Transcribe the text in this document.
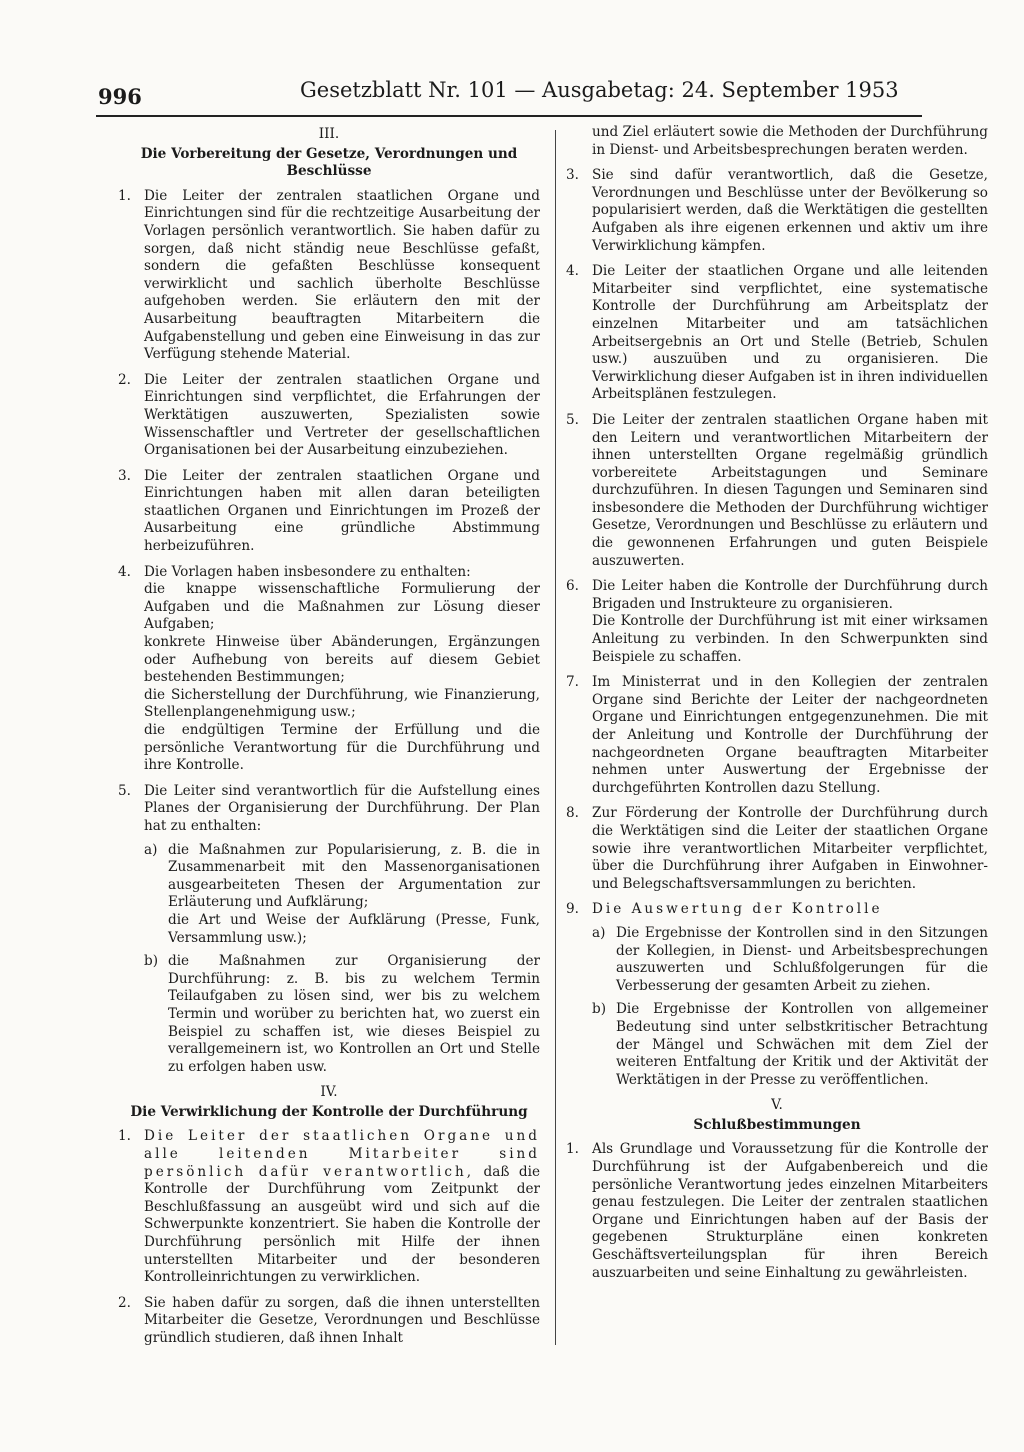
996	Gesetzblatt Nr. 101 — Ausgabetag: 24. September 1953
III.
Die Vorbereitung der Gesetze, Verordnungen und Beschlüsse
1. Die Leiter der zentralen staatlichen Organe und Einrichtungen sind für die rechtzeitige Ausarbeitung der Vorlagen persönlich verantwortlich. Sie haben dafür zu sorgen, daß nicht ständig neue Beschlüsse gefaßt, sondern die gefaßten Beschlüsse konsequent verwirklicht und sachlich überholte Beschlüsse aufgehoben werden. Sie erläutern den mit der Ausarbeitung beauftragten Mitarbeitern die Aufgabenstellung und geben eine Einweisung in das zur Verfügung stehende Material.

2. Die Leiter der zentralen staatlichen Organe und Einrichtungen sind verpflichtet, die Erfahrungen der Werktätigen auszuwerten, Spezialisten sowie Wissenschaftler und Vertreter der gesellschaftlichen Organisationen bei der Ausarbeitung einzubeziehen.

3. Die Leiter der zentralen staatlichen Organe und Einrichtungen haben mit allen daran beteiligten staatlichen Organen und Einrichtungen im Prozeß der Ausarbeitung eine gründliche Abstimmung herbeizuführen.

4. Die Vorlagen haben insbesondere zu enthalten:

die knappe wissenschaftliche Formulierung der Aufgaben und die Maßnahmen zur Lösung dieser Aufgaben;

konkrete Hinweise über Abänderungen, Ergänzungen oder Aufhebung von bereits auf diesem Gebiet bestehenden Bestimmungen;

die Sicherstellung der Durchführung, wie Finanzierung, Stellenplangenehmigung usw.;

die endgültigen Termine der Erfüllung und die persönliche Verantwortung für die Durchführung und ihre Kontrolle.

5. Die Leiter sind verantwortlich für die Aufstellung eines Planes der Organisierung der Durchführung. Der Plan hat zu enthalten:

a) die Maßnahmen zur Popularisierung, z. B. die in Zusammenarbeit mit den Massenorganisationen ausgearbeiteten Thesen der Argumentation zur Erläuterung und Aufklärung;

die Art und Weise der Aufklärung (Presse, Funk, Versammlung usw.);

b) die Maßnahmen zur Organisierung der Durchführung: z. B. bis zu welchem Termin Teilaufgaben zu lösen sind, wer bis zu welchem Termin und worüber zu berichten hat, wo zuerst ein Beispiel zu schaffen ist, wie dieses Beispiel zu verallgemeinern ist, wo Kontrollen an Ort und Stelle zu erfolgen haben usw.

IV.
Die Verwirklichung der Kontrolle der Durchführung
1. Die Leiter der staatlichen Organe und alle leitenden Mitarbeiter sind persönlich dafür verantwortlich, daß die Kontrolle der Durchführung vom Zeitpunkt der Beschlußfassung an ausgeübt wird und sich auf die Schwerpunkte konzentriert. Sie haben die Kontrolle der Durchführung persönlich mit Hilfe der ihnen unterstellten Mitarbeiter und der besonderen Kontrolleinrichtungen zu verwirklichen.

2. Sie haben dafür zu sorgen, daß die ihnen unterstellten Mitarbeiter die Gesetze, Verordnungen und Beschlüsse gründlich studieren, daß ihnen Inhalt

und Ziel erläutert sowie die Methoden der Durchführung in Dienst- und Arbeitsbesprechungen beraten werden.

3. Sie sind dafür verantwortlich, daß die Gesetze, Verordnungen und Beschlüsse unter der Bevölkerung so popularisiert werden, daß die Werktätigen die gestellten Aufgaben als ihre eigenen erkennen und aktiv um ihre Verwirklichung kämpfen.

4. Die Leiter der staatlichen Organe und alle leitenden Mitarbeiter sind verpflichtet, eine systematische Kontrolle der Durchführung am Arbeitsplatz der einzelnen Mitarbeiter und am tatsächlichen Arbeitsergebnis an Ort und Stelle (Betrieb, Schulen usw.) auszuüben und zu organisieren. Die Verwirklichung dieser Aufgaben ist in ihren individuellen Arbeitsplänen festzulegen.

5. Die Leiter der zentralen staatlichen Organe haben mit den Leitern und verantwortlichen Mitarbeitern der ihnen unterstellten Organe regelmäßig gründlich vorbereitete Arbeitstagungen und Seminare durchzuführen. In diesen Tagungen und Seminaren sind insbesondere die Methoden der Durchführung wichtiger Gesetze, Verordnungen und Beschlüsse zu erläutern und die gewonnenen Erfahrungen und guten Beispiele auszuwerten.

6. Die Leiter haben die Kontrolle der Durchführung durch Brigaden und Instrukteure zu organisieren.

Die Kontrolle der Durchführung ist mit einer wirksamen Anleitung zu verbinden. In den Schwerpunkten sind Beispiele zu schaffen.

7. Im Ministerrat und in den Kollegien der zentralen Organe sind Berichte der Leiter der nachgeordneten Organe und Einrichtungen entgegenzunehmen. Die mit der Anleitung und Kontrolle der Durchführung der nachgeordneten Organe beauftragten Mitarbeiter nehmen unter Auswertung der Ergebnisse der durchgeführten Kontrollen dazu Stellung.

8. Zur Förderung der Kontrolle der Durchführung durch die Werktätigen sind die Leiter der staatlichen Organe sowie ihre verantwortlichen Mitarbeiter verpflichtet, über die Durchführung ihrer Aufgaben in Einwohner- und Belegschaftsversammlungen zu berichten.

9. Die Auswertung der Kontrolle

a) Die Ergebnisse der Kontrollen sind in den Sitzungen der Kollegien, in Dienst- und Arbeitsbesprechungen auszuwerten und Schlußfolgerungen für die Verbesserung der gesamten Arbeit zu ziehen.

b) Die Ergebnisse der Kontrollen von allgemeiner Bedeutung sind unter selbstkritischer Betrachtung der Mängel und Schwächen mit dem Ziel der weiteren Entfaltung der Kritik und der Aktivität der Werktätigen in der Presse zu veröffentlichen.

V.
Schlußbestimmungen
1. Als Grundlage und Voraussetzung für die Kontrolle der Durchführung ist der Aufgabenbereich und die persönliche Verantwortung jedes einzelnen Mitarbeiters genau festzulegen. Die Leiter der zentralen staatlichen Organe und Einrichtungen haben auf der Basis der gegebenen Strukturpläne einen konkreten Geschäftsverteilungsplan für ihren Bereich auszuarbeiten und seine Einhaltung zu gewährleisten.
